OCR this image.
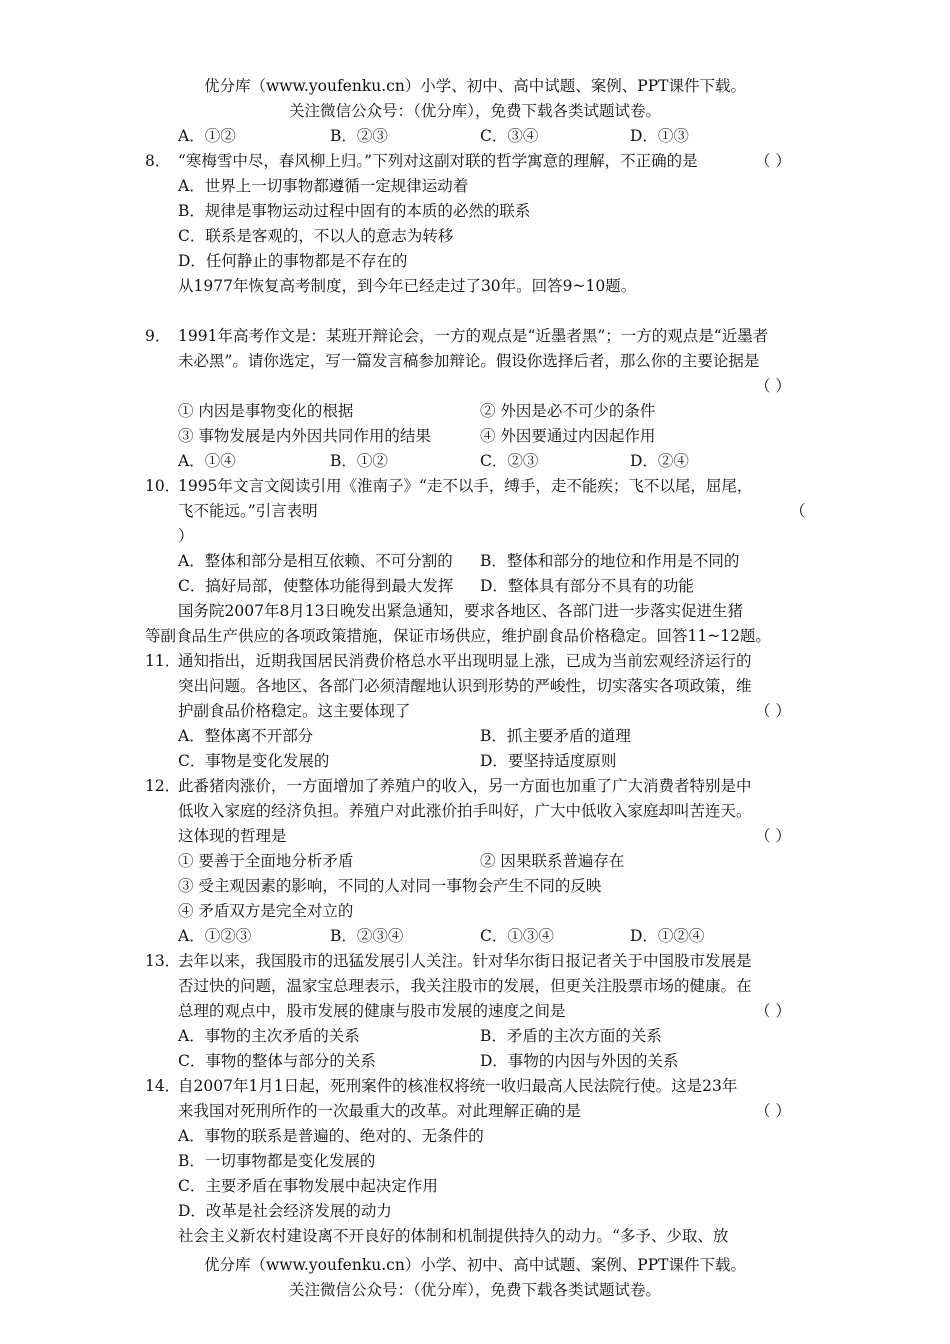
优分库（www.youfenku.cn）小学、初中、高中试题、案例、PPT课件下载。
关注微信公众号：（优分库），免费下载各类试题试卷。
A．①②	B．②③	C．③④	D．①③
8． “寒梅雪中尽，春风柳上归。”下列对这副对联的哲学寓意的理解，不正确的是	（ ）
A．世界上一切事物都遵循一定规律运动着
B．规律是事物运动过程中固有的本质的必然的联系
C．联系是客观的，不以人的意志为转移
D．任何静止的事物都是不存在的
从1977年恢复高考制度，到今年已经走过了30年。回答9~10题。
9． 1991年高考作文是：某班开辩论会，一方的观点是“近墨者黑”；一方的观点是“近墨者
未必黑”。请你选定，写一篇发言稿参加辩论。假设你选择后者，那么你的主要论据是
（ ）
① 内因是事物变化的根据	② 外因是必不可少的条件
③ 事物发展是内外因共同作用的结果	④ 外因要通过内因起作用
A．①④	B．①②	C．②③	D．②④
10．
1995年文言文阅读引用《淮南子》“走不以手，缚手，走不能疾；飞不以尾，屈尾，
飞不能远。”引言表明	（
）
A．整体和部分是相互依赖、不可分割的 B．整体和部分的地位和作用是不同的
C．搞好局部，使整体功能得到最大发挥 D．整体具有部分不具有的功能
国务院2007年8月13日晚发出紧急通知，要求各地区、各部门进一步落实促进生猪
等副食品生产供应的各项政策措施，保证市场供应，维护副食品价格稳定。回答11~12题。
11．
通知指出，近期我国居民消费价格总水平出现明显上涨，已成为当前宏观经济运行的
突出问题。各地区、各部门必须清醒地认识到形势的严峻性，切实落实各项政策，维
护副食品价格稳定。这主要体现了	（ ）
A．整体离不开部分	B．抓主要矛盾的道理
C．事物是变化发展的	D．要坚持适度原则
12．
此番猪肉涨价，一方面增加了养殖户的收入，另一方面也加重了广大消费者特别是中
低收入家庭的经济负担。养殖户对此涨价拍手叫好，广大中低收入家庭却叫苦连天。
这体现的哲理是	（ ）
① 要善于全面地分析矛盾	② 因果联系普遍存在
③ 受主观因素的影响，不同的人对同一事物会产生不同的反映
④ 矛盾双方是完全对立的
A．①②③	B．②③④	C．①③④	D．①②④
13．
去年以来，我国股市的迅猛发展引人关注。针对华尔街日报记者关于中国股市发展是
否过快的问题，温家宝总理表示，我关注股市的发展，但更关注股票市场的健康。在
总理的观点中，股市发展的健康与股市发展的速度之间是	（ ）
A．事物的主次矛盾的关系	B．矛盾的主次方面的关系
C．事物的整体与部分的关系	D．事物的内因与外因的关系
14．
自2007年1月1日起，死刑案件的核准权将统一收归最高人民法院行使。这是23年
来我国对死刑所作的一次最重大的改革。对此理解正确的是	（ ）
A．事物的联系是普遍的、绝对的、无条件的
B．一切事物都是变化发展的
C．主要矛盾在事物发展中起决定作用
D．改革是社会经济发展的动力
社会主义新农村建设离不开良好的体制和机制提供持久的动力。“多予、少取、放
优分库（www.youfenku.cn）小学、初中、高中试题、案例、PPT课件下载。
关注微信公众号：（优分库），免费下载各类试题试卷。
